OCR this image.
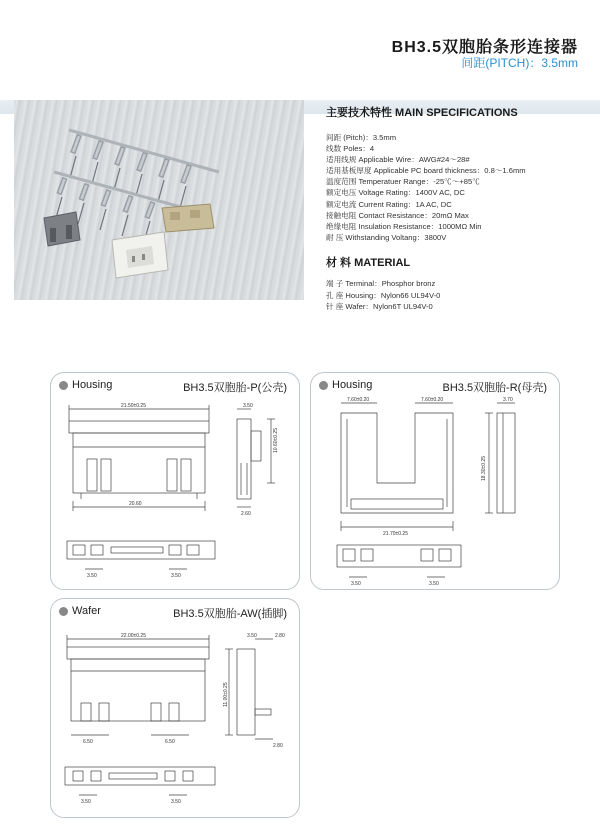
BH3.5双胞胎条形连接器
间距(PITCH)：3.5mm
主要技术特性 MAIN SPECIFICATIONS
间距 (Pitch)：3.5mm
线数 Poles：4
适用线规 Applicable Wire：AWG#24～28#
适用基板厚度 Applicable PC board thickness：0.8～1.6mm
温度范围 Temperatuer Range：-25℃～+85℃
额定电压 Voltage Rating：1400V AC, DC
额定电流 Current Rating：1A AC, DC
接触电阻 Contact Resistance：20mΩ Max
绝缘电阻 Insulation Resistance：1000MΩ Min
耐 压 Withstanding Voltang：3800V
材 料 MATERIAL
端 子 Terminal：Phosphor bronz
孔 座 Housing：Nylon66 UL94V-0
针 座 Wafer：Nylon6T UL94V-0
21.50±0.25	3.50
10.60±0.25
20.60
2.60
3.50	3.50
Housing	BH3.5双胞胎-P(公壳)
7.60±0.20	7.60±0.20	3.70
18.30±0.25
21.70±0.25
3.50	3.50
Housing	BH3.5双胞胎-R(母壳)
22.00±0.25	3.50	2.80
11.00±0.25
6.50	6.50
2.80
3.50	3.50
Wafer	BH3.5双胞胎-AW(插脚)
